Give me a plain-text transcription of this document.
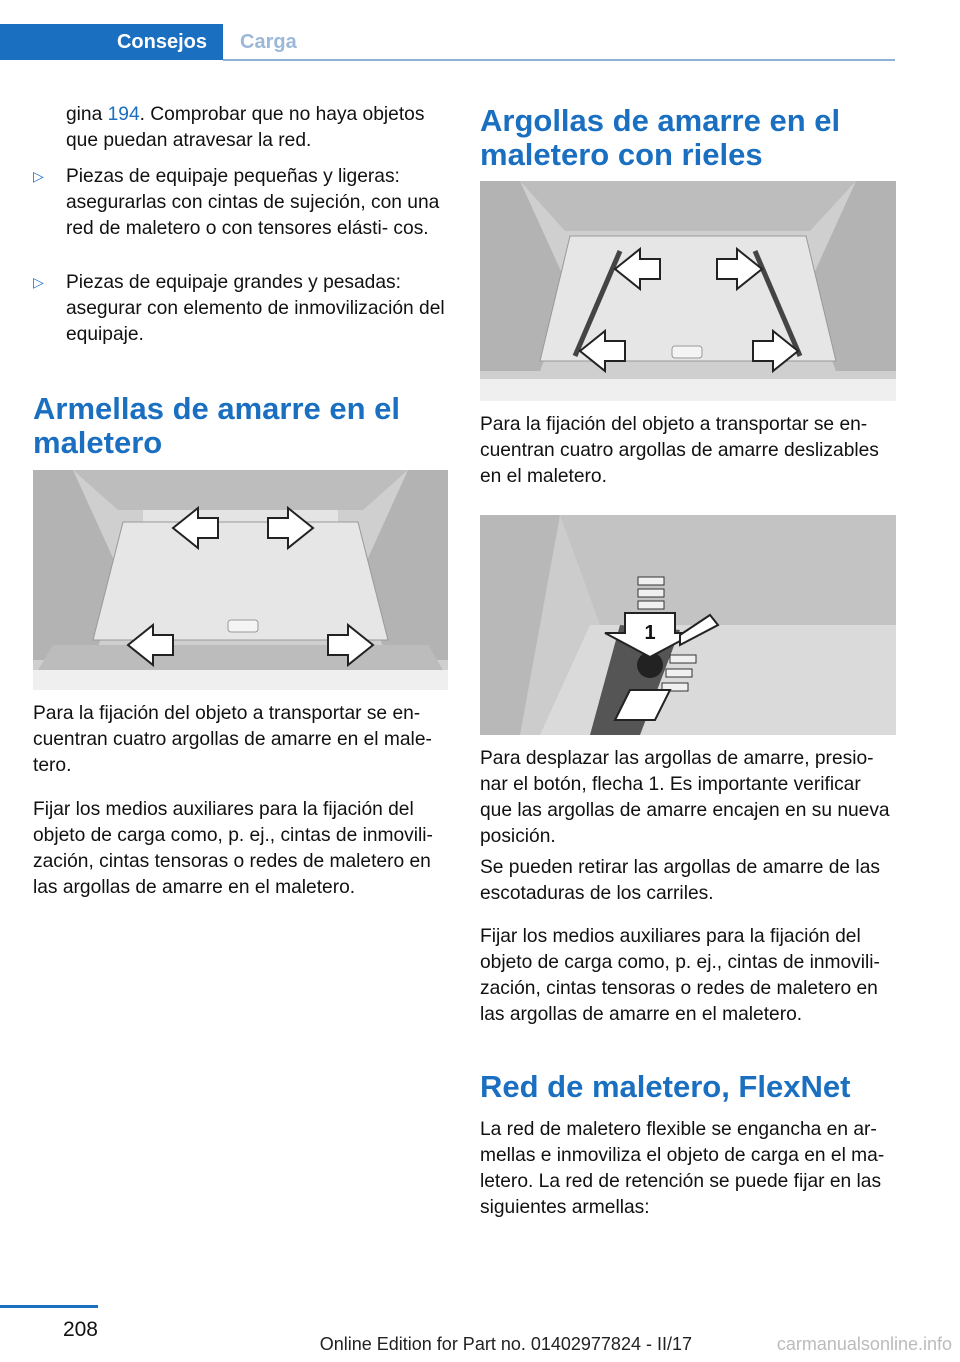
Consejos	Carga

gina 194. Comprobar que no haya objetos que puedan atravesar la red.

▷	Piezas de equipaje pequeñas y ligeras: asegurarlas con cintas de sujeción, con una red de maletero o con tensores elásti‐ cos.
▷	Piezas de equipaje grandes y pesadas: asegurar con elemento de inmovilización del equipaje.
Armellas de amarre en el maletero

Para la fijación del objeto a transportar se en‐ cuentran cuatro argollas de amarre en el male‐ tero.

Fijar los medios auxiliares para la fijación del objeto de carga como, p. ej., cintas de inmovili‐ zación, cintas tensoras o redes de maletero en las argollas de amarre en el maletero.

Argollas de amarre en el maletero con rieles

Para la fijación del objeto a transportar se en‐ cuentran cuatro argollas de amarre deslizables en el maletero.

1

Para desplazar las argollas de amarre, presio‐ nar el botón, flecha 1. Es importante verificar que las argollas de amarre encajen en su nueva posición.

Se pueden retirar las argollas de amarre de las escotaduras de los carriles.

Fijar los medios auxiliares para la fijación del objeto de carga como, p. ej., cintas de inmovili‐ zación, cintas tensoras o redes de maletero en las argollas de amarre en el maletero.

Red de maletero, FlexNet

La red de maletero flexible se engancha en ar‐ mellas e inmoviliza el objeto de carga en el ma‐ letero. La red de retención se puede fijar en las siguientes armellas:

208
Online Edition for Part no. 01402977824 - II/17	carmanualsonline.info
